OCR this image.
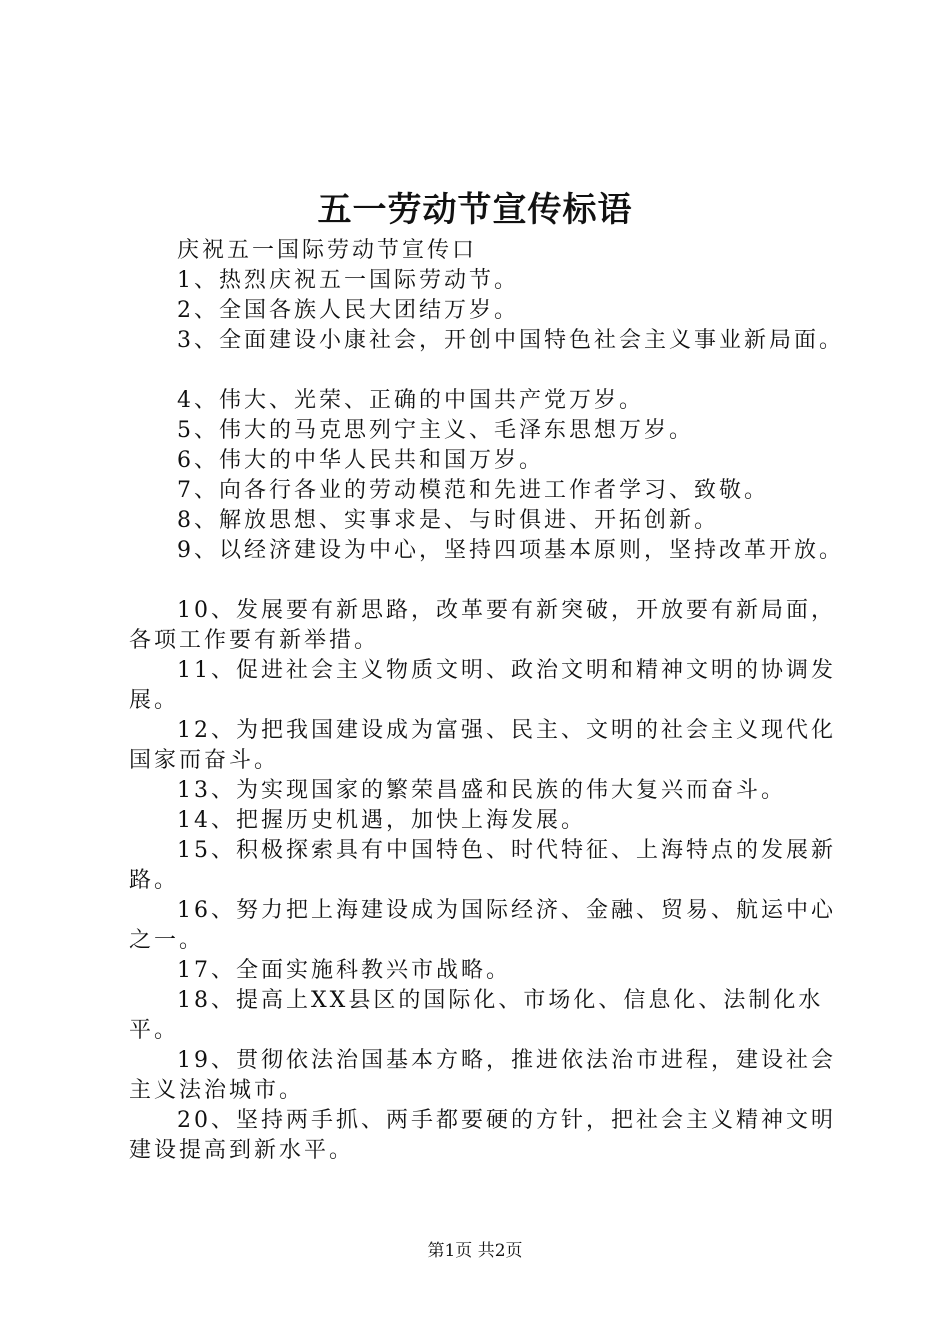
五一劳动节宣传标语
庆祝五一国际劳动节宣传口
1、热烈庆祝五一国际劳动节。
2、全国各族人民大团结万岁。
3、全面建设小康社会，开创中国特色社会主义事业新局面。
4、伟大、光荣、正确的中国共产党万岁。
5、伟大的马克思列宁主义、毛泽东思想万岁。
6、伟大的中华人民共和国万岁。
7、向各行各业的劳动模范和先进工作者学习、致敬。
8、解放思想、实事求是、与时俱进、开拓创新。
9、以经济建设为中心，坚持四项基本原则，坚持改革开放。
10、发展要有新思路，改革要有新突破，开放要有新局面，各项工作要有新举措。
11、促进社会主义物质文明、政治文明和精神文明的协调发展。
12、为把我国建设成为富强、民主、文明的社会主义现代化国家而奋斗。
13、为实现国家的繁荣昌盛和民族的伟大复兴而奋斗。
14、把握历史机遇，加快上海发展。
15、积极探索具有中国特色、时代特征、上海特点的发展新路。
16、努力把上海建设成为国际经济、金融、贸易、航运中心之一。
17、全面实施科教兴市战略。
18、提高上XX县区的国际化、市场化、信息化、法制化水平。
19、贯彻依法治国基本方略，推进依法治市进程，建设社会主义法治城市。
20、坚持两手抓、两手都要硬的方针，把社会主义精神文明建设提高到新水平。
第1页 共2页
